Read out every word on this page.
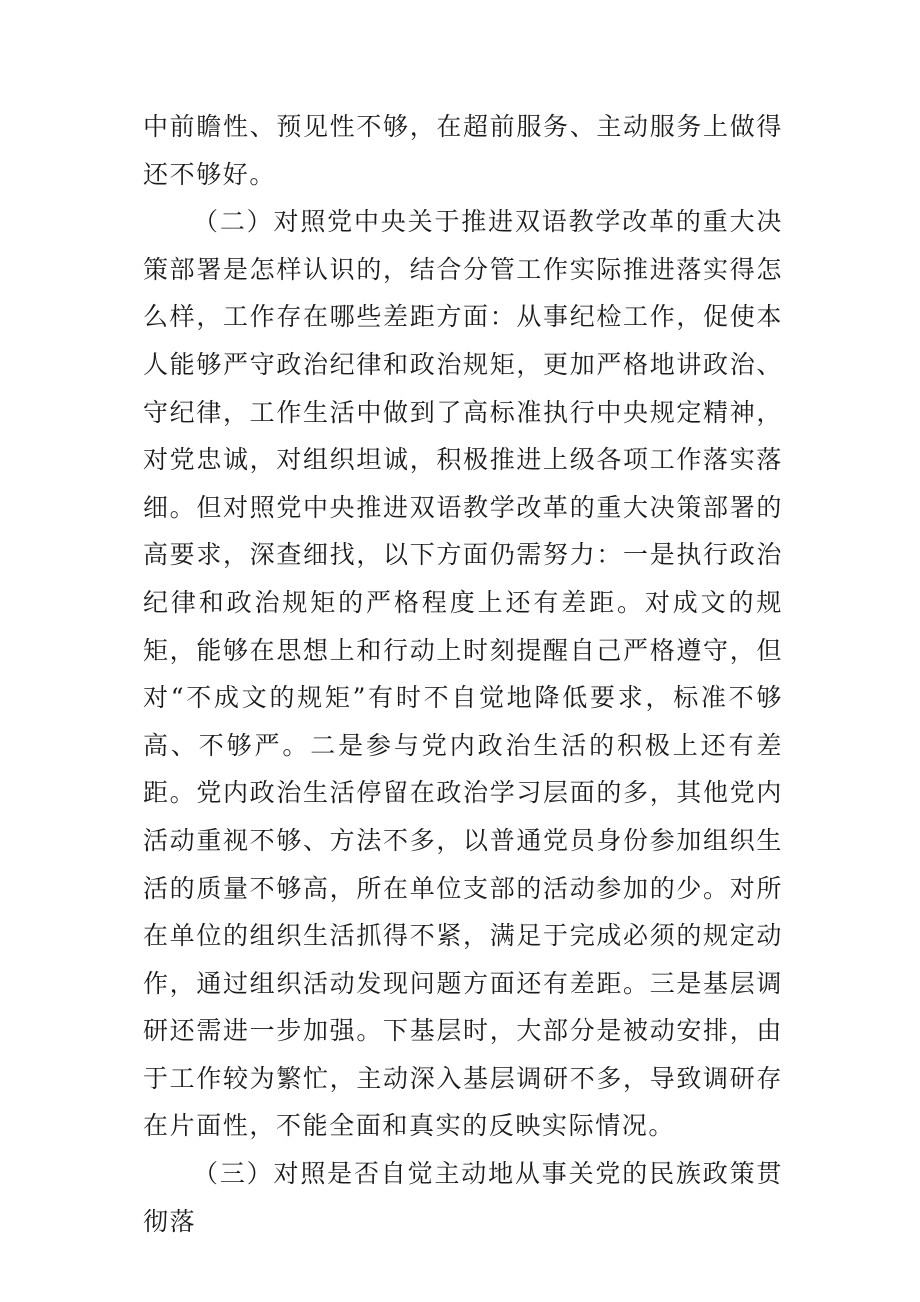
中前瞻性、预见性不够，在超前服务、主动服务上做得还不够好。

（二）对照党中央关于推进双语教学改革的重大决策部署是怎样认识的，结合分管工作实际推进落实得怎么样，工作存在哪些差距方面：从事纪检工作，促使本人能够严守政治纪律和政治规矩，更加严格地讲政治、守纪律，工作生活中做到了高标准执行中央规定精神，对党忠诚，对组织坦诚，积极推进上级各项工作落实落细。但对照党中央推进双语教学改革的重大决策部署的高要求，深查细找，以下方面仍需努力：一是执行政治纪律和政治规矩的严格程度上还有差距。对成文的规矩，能够在思想上和行动上时刻提醒自己严格遵守，但对“不成文的规矩”有时不自觉地降低要求，标准不够高、不够严。二是参与党内政治生活的积极上还有差距。党内政治生活停留在政治学习层面的多，其他党内活动重视不够、方法不多，以普通党员身份参加组织生活的质量不够高，所在单位支部的活动参加的少。对所在单位的组织生活抓得不紧，满足于完成必须的规定动作，通过组织活动发现问题方面还有差距。三是基层调研还需进一步加强。下基层时，大部分是被动安排，由于工作较为繁忙，主动深入基层调研不多，导致调研存在片面性，不能全面和真实的反映实际情况。

（三）对照是否自觉主动地从事关党的民族政策贯彻落
